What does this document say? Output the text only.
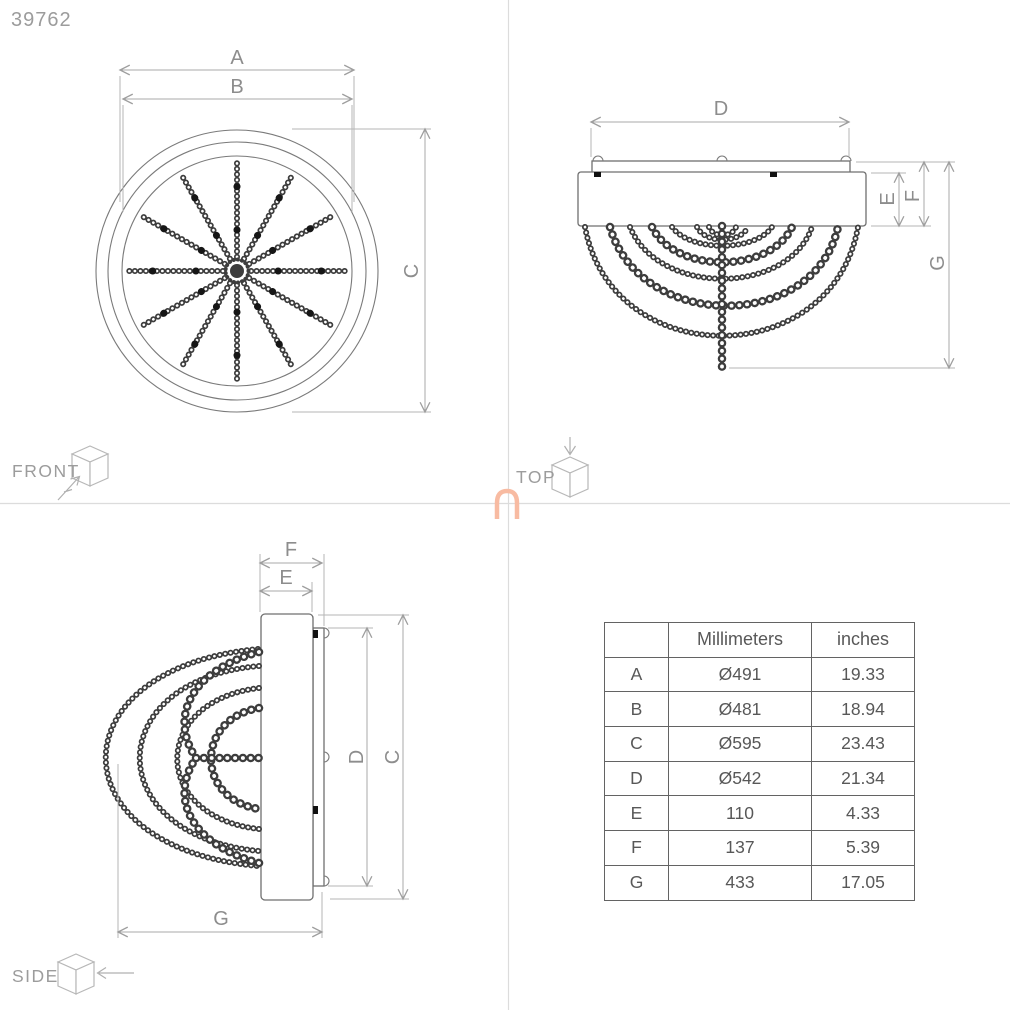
A
B
C
D
E F
G
F
E
D C
G
39762
FRONT	TOP
SIDE
	Millimeters	inches
A	Ø491	19.33
B	Ø481	18.94
C	Ø595	23.43
D	Ø542	21.34
E	110	4.33
F	137	5.39
G	433	17.05
